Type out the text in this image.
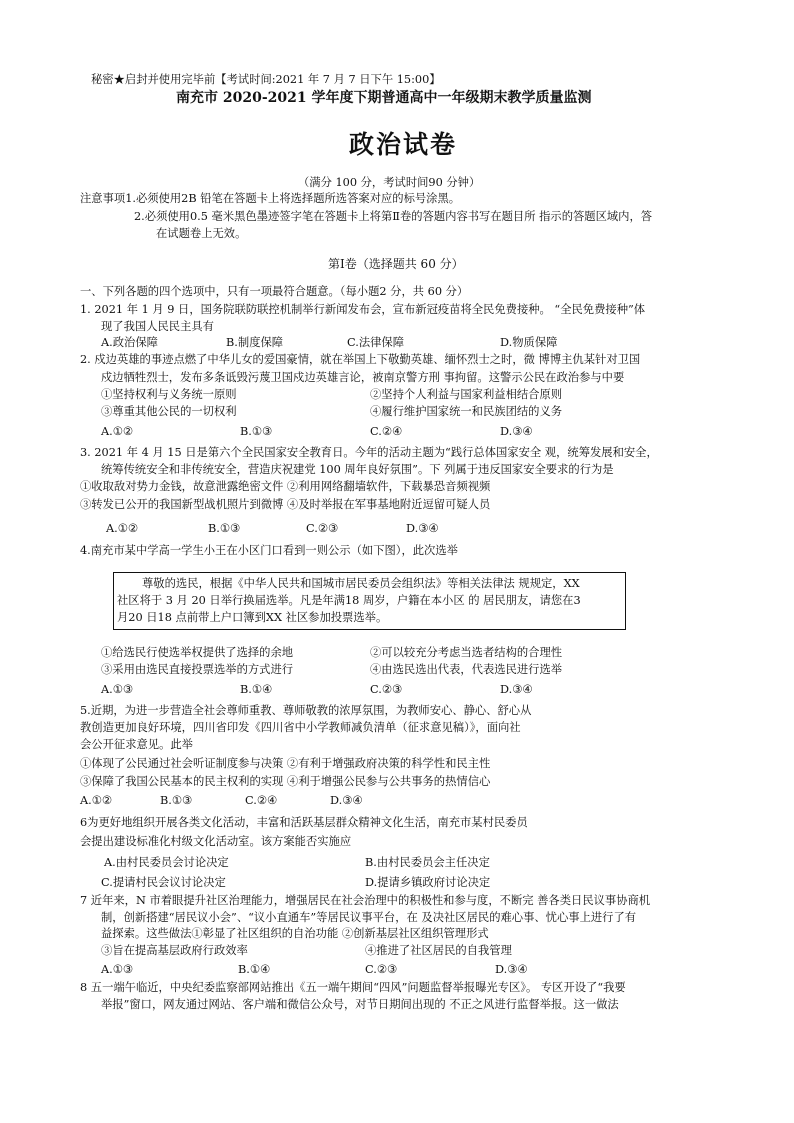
秘密★启封并使用完毕前【考试时间:2021 年 7 月 7 日下午 15:00】
南充市 2020-2021 学年度下期普通高中一年级期末教学质量监测
政治试卷
（满分 100 分，考试时间90 分钟）
注意事项1.必须使用2B 铅笔在答题卡上将选择题所选答案对应的标号涂黑。
2.必须使用0.5 毫米黑色墨迹签字笔在答题卡上将第Ⅱ卷的答题内容书写在题目所 指示的答题区域内，答
在试题卷上无效。
第Ⅰ卷（选择题共 60 分）
一、下列各题的四个选项中，只有一项最符合题意。（每小题2 分，共 60 分）
1. 2021 年 1 月 9 日，国务院联防联控机制举行新闻发布会，宣布新冠疫苗将全民免费接种。 “全民免费接种”体
现了我国人民民主具有
A.政治保障	B.制度保障	C.法律保障	D.物质保障
2. 戍边英雄的事迹点燃了中华儿女的爱国豪情，就在举国上下敬勤英雄、缅怀烈士之时，微 博博主仇某针对卫国
戍边牺牲烈士，发布多条诋毁污蔑卫国戍边英雄言论，被南京警方刑 事拘留。这警示公民在政治参与中要
①坚持权利与义务统一原则	②坚持个人利益与国家利益相结合原则
③尊重其他公民的一切权利	④履行维护国家统一和民族团结的义务
A.①②	B.①③	C.②④	D.③④
3. 2021 年 4 月 15 日是第六个全民国家安全教育日。今年的活动主题为“践行总体国家安全 观，统筹发展和安全，
统筹传统安全和非传统安全，营造庆祝建党 100 周年良好氛围”。下 列属于违反国家安全要求的行为是
①收取敌对势力金钱，故意泄露绝密文件 ②利用网络翻墙软件，下载暴恐音频视频
③转发已公开的我国新型战机照片到微博 ④及时举报在军事基地附近逗留可疑人员
A.①②	B.①③	C.②③	D.③④
4.南充市某中学高一学生小王在小区门口看到一则公示（如下图），此次选举
尊敬的选民，根据《中华人民共和国城市居民委员会组织法》等相关法律法 规规定，XX
社区将于 3 月 20 日举行换届选举。凡是年满18 周岁，户籍在本小区 的 居民朋友，请您在3
月20 日18 点前带上户口簿到XX 社区参加投票选举。
①给选民行使选举权提供了选择的余地	②可以较充分考虑当选者结构的合理性
③采用由选民直接投票选举的方式进行	④由选民选出代表，代表选民进行选举
A.①③	B.①④	C.②③	D.③④
5.近期，为进一步营造全社会尊师重教、尊师敬教的浓厚氛围，为教师安心、静心、舒心从
教创造更加良好环境，四川省印发《四川省中小学教师减负清单（征求意见稿）》，面向社
会公开征求意见。此举
①体现了公民通过社会听证制度参与决策 ②有利于增强政府决策的科学性和民主性
③保障了我国公民基本的民主权利的实现 ④利于增强公民参与公共事务的热情信心
A.①②	B.①③	C.②④	D.③④
6为更好地组织开展各类文化活动，丰富和活跃基层群众精神文化生活，南充市某村民委员
会提出建设标准化村级文化活动室。该方案能否实施应
A.由村民委员会讨论决定	B.由村民委员会主任决定
C.提请村民会议讨论决定	D.提请乡镇政府讨论决定
7 近年来，N 市着眼提升社区治理能力，增强居民在社会治理中的积极性和参与度，不断完 善各类日民议事协商机
制，创新搭建“居民议小会”、“议小直通车”等居民议事平台，在 及决社区居民的难心事、忧心事上进行了有
益探索。这些做法①彰显了社区组织的自治功能 ②创新基层社区组织管理形式
③旨在提高基层政府行政效率	④推进了社区居民的自我管理
A.①③	B.①④	C.②③	D.③④
8 五一端午临近，中央纪委监察部网站推出《五一端午期间“四风”问题监督举报曝光专区》。 专区开设了“我要
举报”窗口，网友通过网站、客户端和微信公众号，对节日期间出现的 不正之风进行监督举报。这一做法
